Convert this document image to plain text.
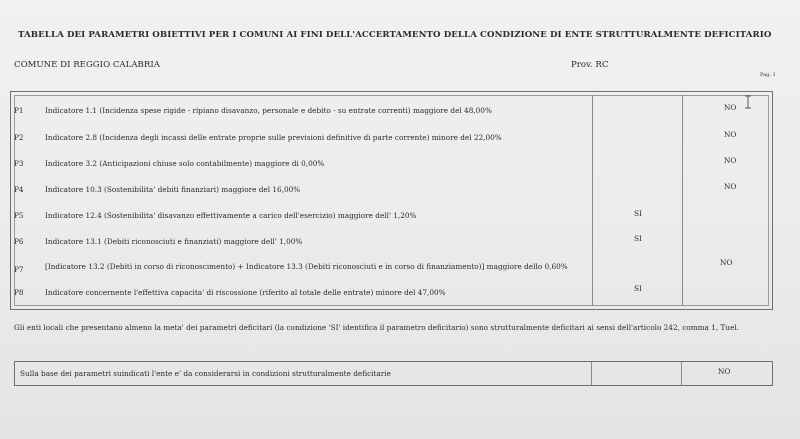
TABELLA DEI PARAMETRI OBIETTIVI PER I COMUNI AI FINI DELL'ACCERTAMENTO DELLA CONDIZIONE DI ENTE STRUTTURALMENTE DEFICITARIO
COMUNE DI REGGIO CALABRIA	Prov. RC
Pag. 1
P1	Indicatore 1.1 (Incidenza spese rigide - ripiano disavanzo, personale e debito - su entrate correnti) maggiore del 48,00%	NO
P2	Indicatore 2.8 (Incidenza degli incassi delle entrate proprie sulle previsioni definitive di parte corrente) minore del 22,00%	NO
P3	Indicatore 3.2 (Anticipazioni chiuse solo contabilmente) maggiore di 0,00%	NO
P4	Indicatore 10.3 (Sostenibilita' debiti finanziari) maggiore del 16,00%	NO
P5	Indicatore 12.4 (Sostenibilita' disavanzo effettivamente a carico dell'esercizio) maggiore dell' 1,20%	SI
P6	Indicatore 13.1 (Debiti riconosciuti e finanziati) maggiore dell' 1,00%	SI
P7	[Indicatore 13.2 (Debiti in corso di riconoscimento) + Indicatore 13.3 (Debiti riconosciuti e in corso di finanziamento)] maggiore dello 0,60%	NO
P8	Indicatore concernente l'effettiva capacita' di riscossione (riferito al totale delle entrate) minore del 47,00%	SI
Gli enti locali che presentano almeno la meta' dei parametri deficitari (la condizione 'SI' identifica il parametro deficitario) sono strutturalmente deficitari ai sensi dell'articolo 242, comma 1, Tuel.
Sulla base dei parametri suindicati l'ente e' da considerarsi in condizioni strutturalmente deficitarie	NO
